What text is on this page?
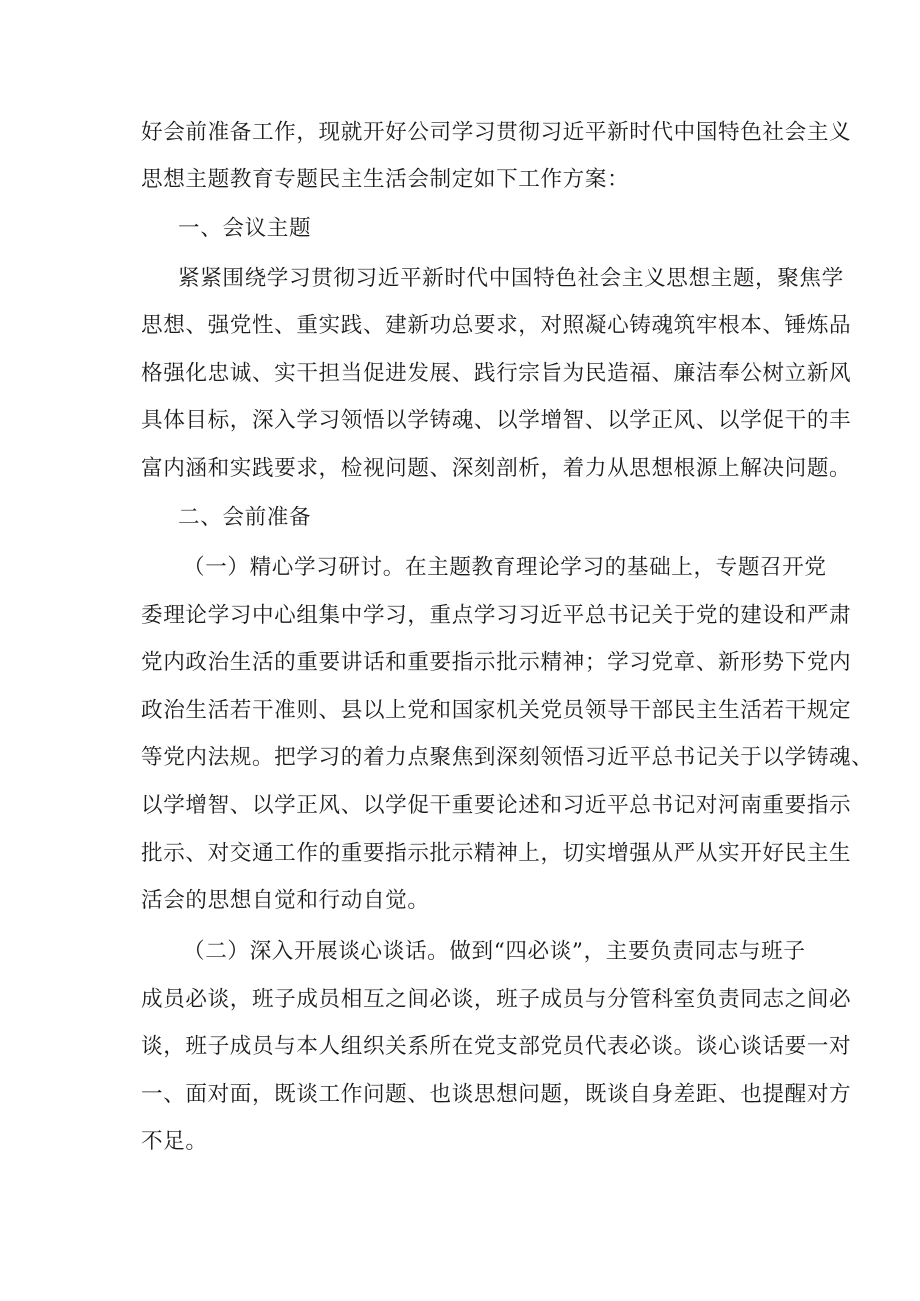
好会前准备工作，现就开好公司学习贯彻习近平新时代中国特色社会主义
思想主题教育专题民主生活会制定如下工作方案：
一、会议主题
紧紧围绕学习贯彻习近平新时代中国特色社会主义思想主题，聚焦学
思想、强党性、重实践、建新功总要求，对照凝心铸魂筑牢根本、锤炼品
格强化忠诚、实干担当促进发展、践行宗旨为民造福、廉洁奉公树立新风
具体目标，深入学习领悟以学铸魂、以学增智、以学正风、以学促干的丰
富内涵和实践要求，检视问题、深刻剖析，着力从思想根源上解决问题。
二、会前准备
（一）精心学习研讨。在主题教育理论学习的基础上，专题召开党
委理论学习中心组集中学习，重点学习习近平总书记关于党的建设和严肃
党内政治生活的重要讲话和重要指示批示精神；学习党章、新形势下党内
政治生活若干准则、县以上党和国家机关党员领导干部民主生活若干规定
等党内法规。把学习的着力点聚焦到深刻领悟习近平总书记关于以学铸魂、
以学增智、以学正风、以学促干重要论述和习近平总书记对河南重要指示
批示、对交通工作的重要指示批示精神上，切实增强从严从实开好民主生
活会的思想自觉和行动自觉。
（二）深入开展谈心谈话。做到“四必谈”，主要负责同志与班子
成员必谈，班子成员相互之间必谈，班子成员与分管科室负责同志之间必
谈，班子成员与本人组织关系所在党支部党员代表必谈。谈心谈话要一对
一、面对面，既谈工作问题、也谈思想问题，既谈自身差距、也提醒对方
不足。
